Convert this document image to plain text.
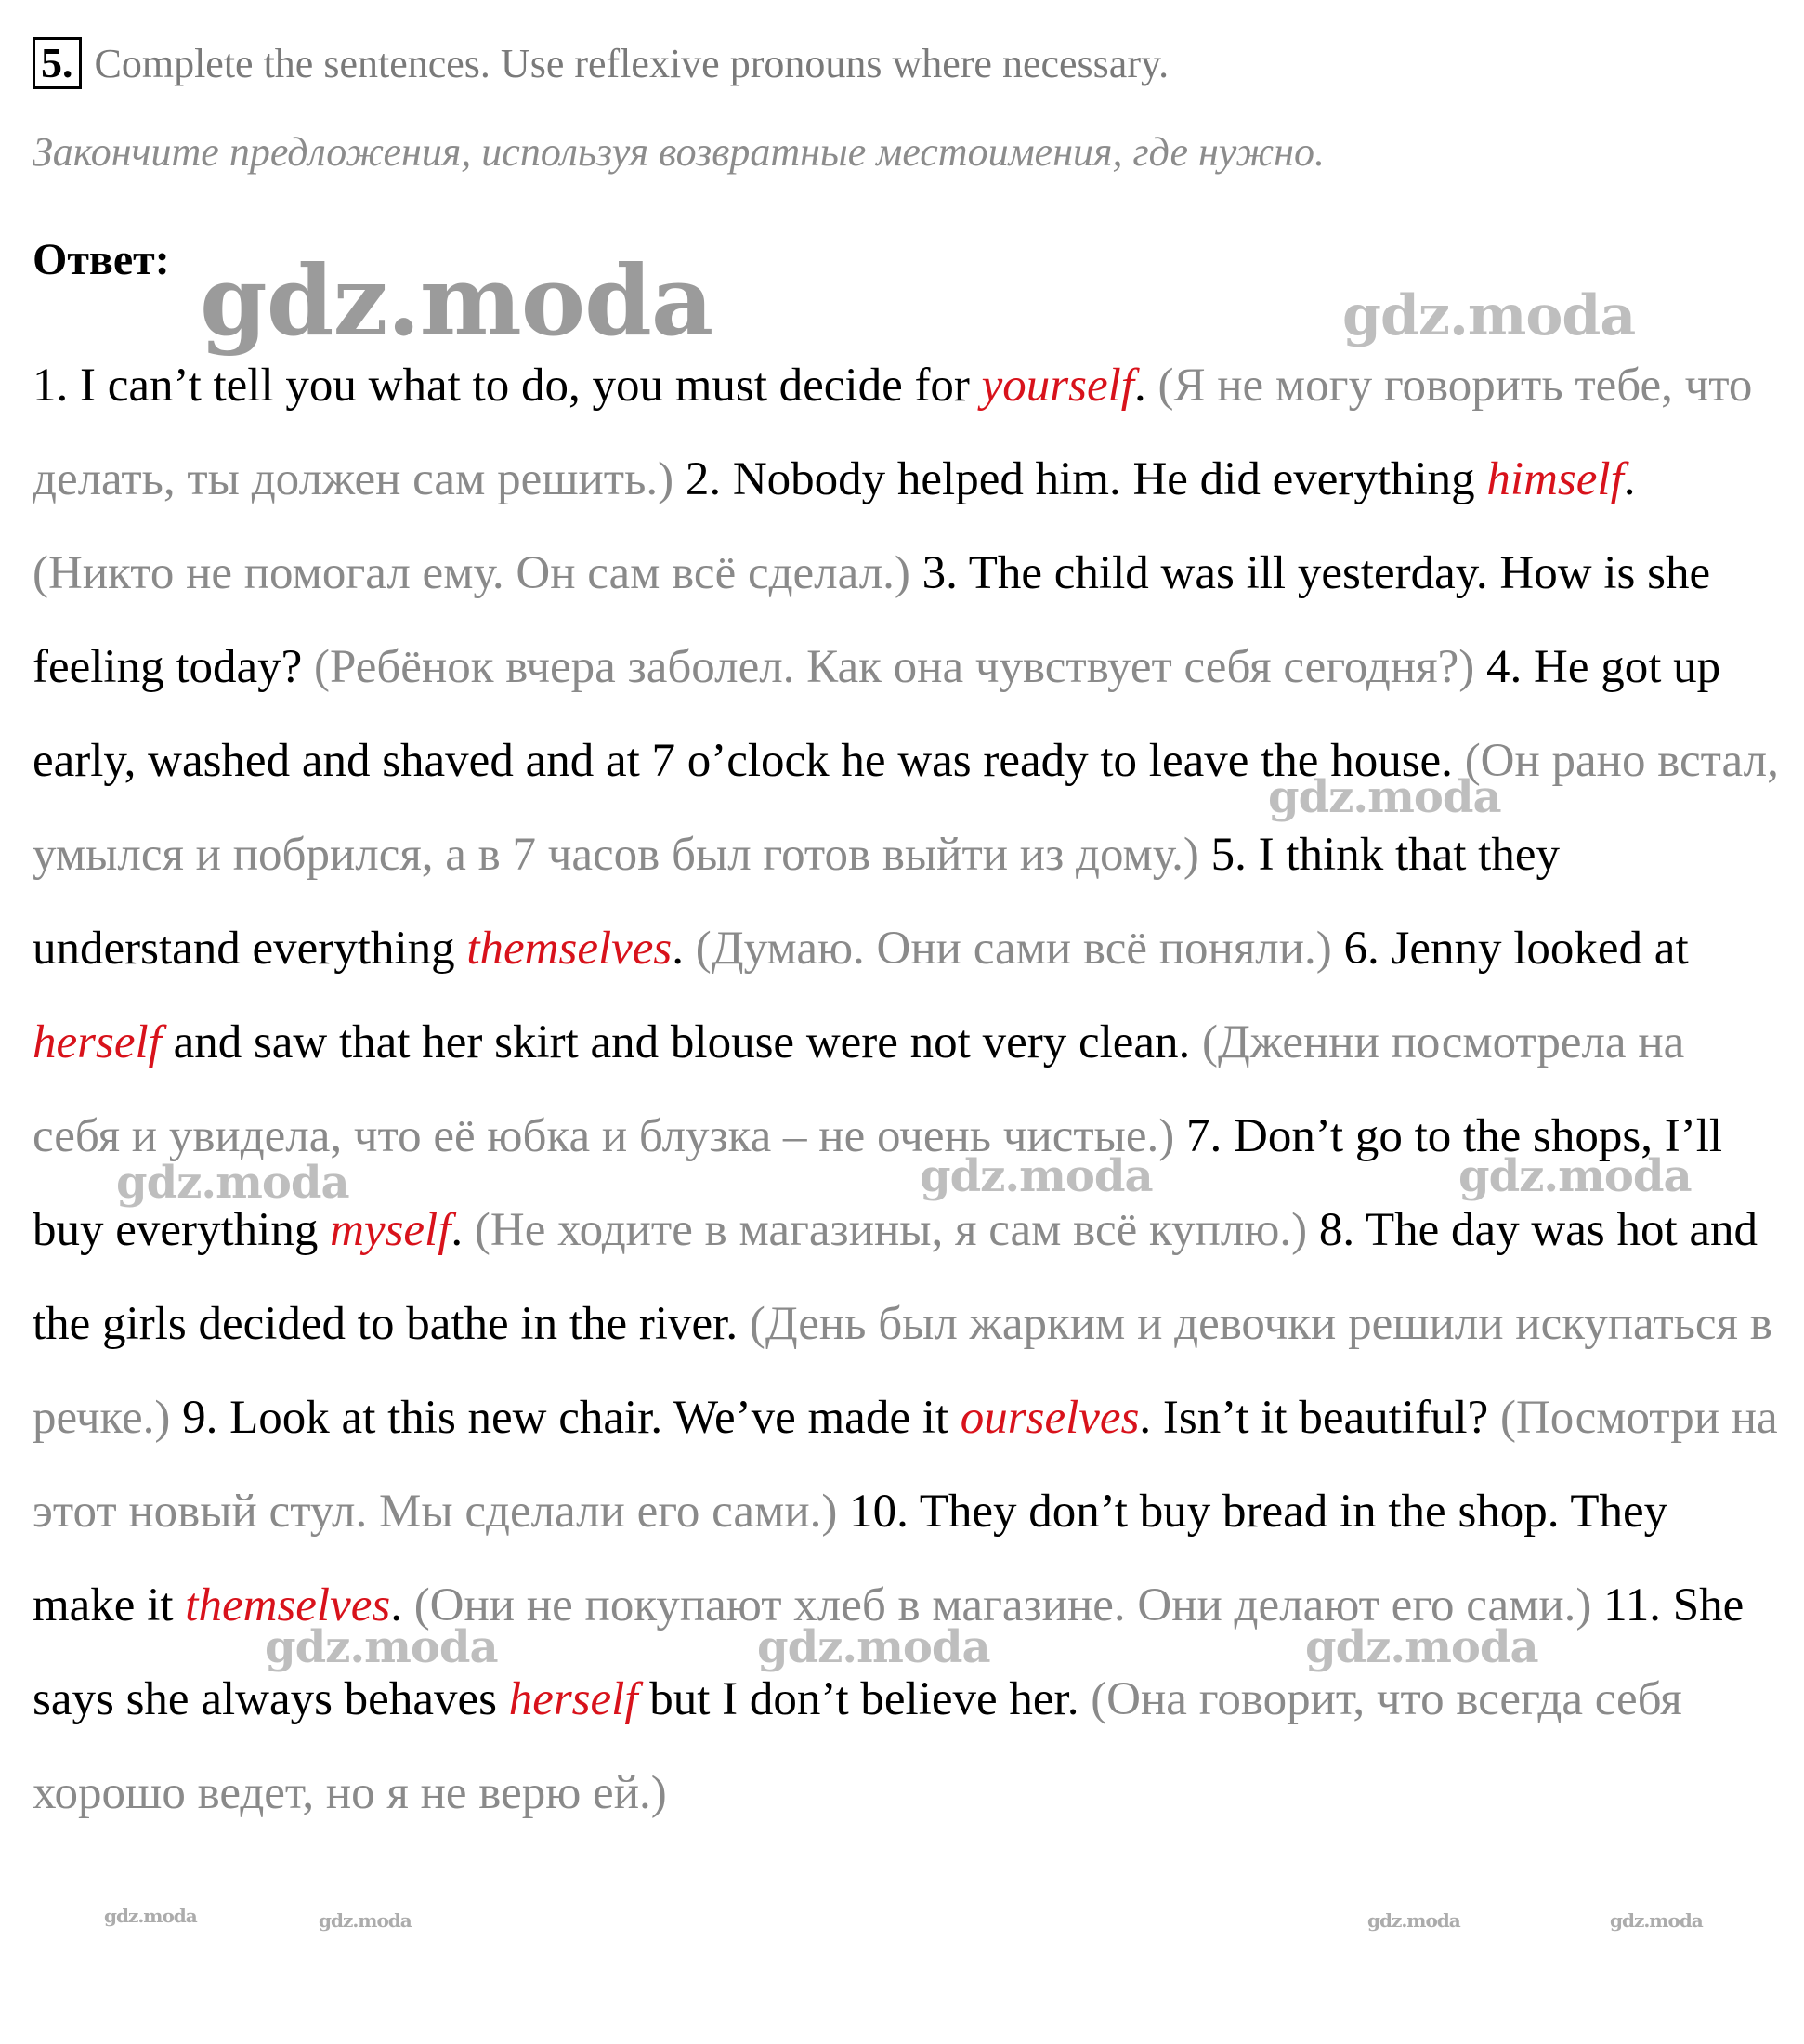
5. Complete the sentences. Use reflexive pronouns where necessary.
Закончите предложения, используя возвратные местоимения, где нужно.
Ответ:
1. I can’t tell you what to do, you must decide for yourself. (Я не могу говорить тебе, что делать, ты должен сам решить.) 2. Nobody helped him. He did everything himself. (Никто не помогал ему. Он сам всё сделал.) 3. The child was ill yesterday. How is she feeling today? (Ребёнок вчера заболел. Как она чувствует себя сегодня?) 4. He got up early, washed and shaved and at 7 o’clock he was ready to leave the house. (Он рано встал, умылся и побрился, а в 7 часов был готов выйти из дому.) 5. I think that they understand everything themselves. (Думаю. Они сами всё поняли.) 6. Jenny looked at herself and saw that her skirt and blouse were not very clean. (Дженни посмотрела на себя и увидела, что её юбка и блузка – не очень чистые.) 7. Don’t go to the shops, I’ll buy everything myself. (Не ходите в магазины, я сам всё куплю.) 8. The day was hot and the girls decided to bathe in the river. (День был жарким и девочки решили искупаться в речке.) 9. Look at this new chair. We’ve made it ourselves. Isn’t it beautiful? (Посмотри на этот новый стул. Мы сделали его сами.) 10. They don’t buy bread in the shop. They make it themselves. (Они не покупают хлеб в магазине. Они делают его сами.) 11. She says she always behaves herself but I don’t believe her. (Она говорит, что всегда себя хорошо ведет, но я не верю ей.)
gdz.moda	gdz.moda
gdz.moda
gdz.moda	gdz.moda	gdz.moda
gdz.moda	gdz.moda	gdz.moda
gdz.moda	gdz.moda	gdz.moda	gdz.moda
